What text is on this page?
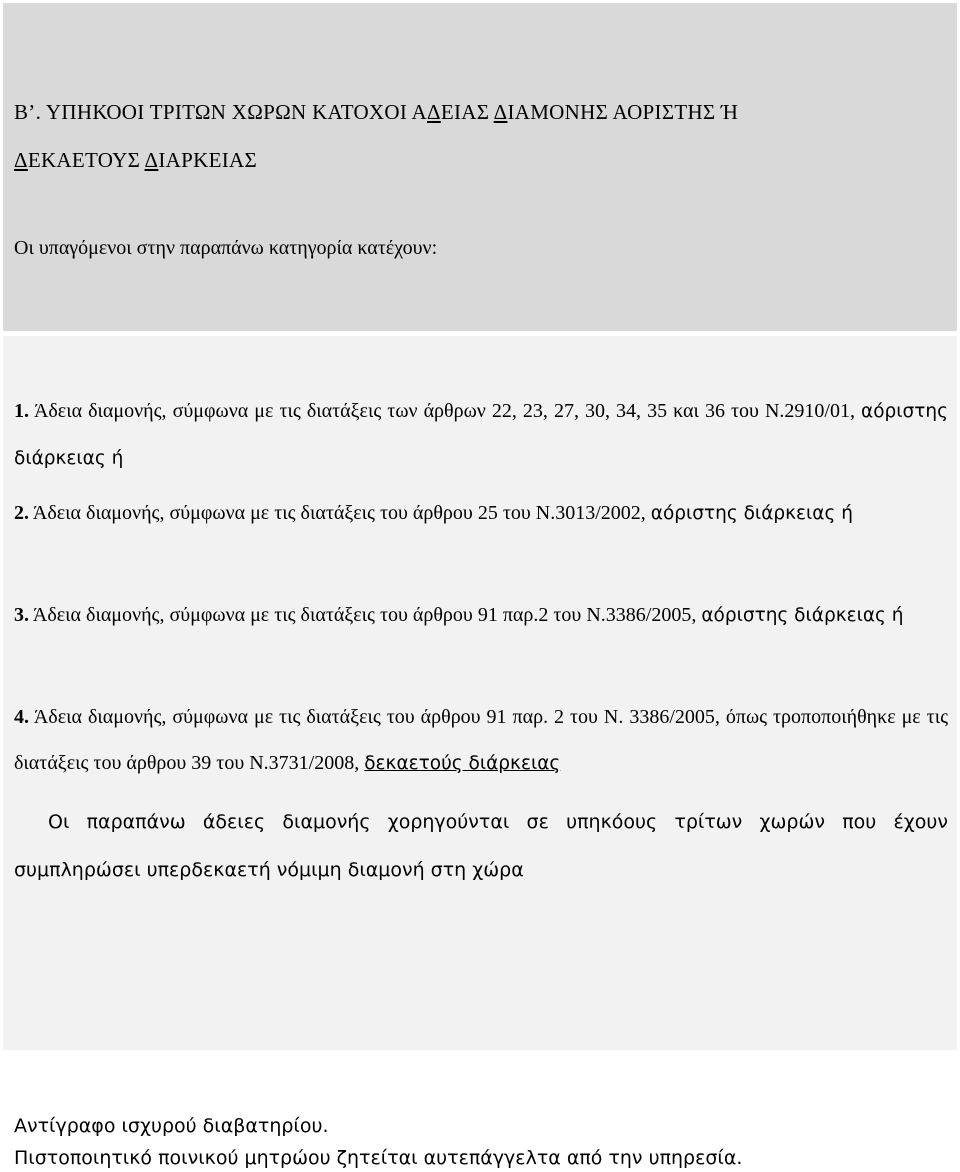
Β’. ΥΠΗΚΟΟΙ ΤΡΙΤΩΝ ΧΩΡΩΝ ΚΑΤΟΧΟΙ ΑΔΕΙΑΣ ΔΙΑΜΟΝΗΣ ΑΟΡΙΣΤΗΣ Ή
ΔΕΚΑΕΤΟΥΣ ΔΙΑΡΚΕΙΑΣ
Οι υπαγόμενοι στην παραπάνω κατηγορία κατέχουν:
1. Άδεια διαμονής, σύμφωνα με τις διατάξεις των άρθρων 22, 23, 27, 30, 34, 35 και 36 του Ν.2910/01, αόριστης διάρκειας ή
2. Άδεια διαμονής, σύμφωνα με τις διατάξεις του άρθρου 25 του Ν.3013/2002, αόριστης διάρκειας ή
3. Άδεια διαμονής, σύμφωνα με τις διατάξεις του άρθρου 91 παρ.2 του Ν.3386/2005, αόριστης διάρκειας ή
4. Άδεια διαμονής, σύμφωνα με τις διατάξεις του άρθρου 91 παρ. 2 του Ν. 3386/2005, όπως τροποποιήθηκε με τις διατάξεις του άρθρου 39 του Ν.3731/2008, δεκαετούς διάρκειας
Οι παραπάνω άδειες διαμονής χορηγούνται σε υπηκόους τρίτων χωρών που έχουν συμπληρώσει υπερδεκαετή νόμιμη διαμονή στη χώρα
Αντίγραφο ισχυρού διαβατηρίου.
Πιστοποιητικό ποινικού μητρώου ζητείται αυτεπάγγελτα από την υπηρεσία.
